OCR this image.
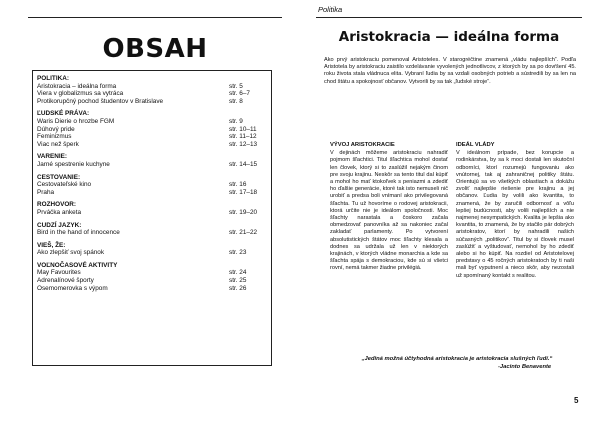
OBSAH
POLITIKA:
Aristokracia – ideálna forma	str. 5
Viera v globalizmus sa vytráca	str. 6–7
Protikorupčný pochod študentov v Bratislave	str. 8
ĽUDSKÉ PRÁVA:
Waris Dierie o hrozbe FGM	str. 9
Dúhový pride	str. 10–11
Feminizmus	str. 11–12
Viac než šperk	str. 12–13
VARENIE:
Jarné spestrenie kuchyne	str. 14–15
CESTOVANIE:
Cestovateľské kino	str. 16
Praha	str. 17–18
ROZHOVOR:
Prváčka anketa	str. 19–20
CUDZÍ JAZYK:
Bird in the hand of innocence	str. 21–22
VIEŠ, ŽE:
Ako zlepšiť svoj spánok	str. 23
VOĽNOČASOVÉ AKTIVITY
May Favourites	str. 24
Adrenalínové športy	str. 25
Osemomerovka s výpom	str. 26
Politika
Aristokracia — ideálna forma
Ako prvý aristokraciu pomenoval Aristoteles. V starogréčtine znamená „vládu najlepších“. Podľa Aristotela by aristokraciu zaistilo vzdelávanie vyvolených jednotlivcov, z ktorých by sa po dovŕšení 45. roku života stala vládnuca elita. Vybraní ľudia by sa vzdali osobných potrieb a sústredili by sa len na chod štátu a spokojnosť občanov. Vytvorili by sa tak „ľudské stroje“.
VÝVOJ ARISTOKRACIE

V dejinách môžeme aristokraciu nahradiť pojmom šľachtici. Titul šľachtica mohol dostať len človek, ktorý si to zaslúžil nejakým činom pre svoju krajinu. Neskôr sa tento titul dal kúpiť a mohol ho mať ktokoľvek s peniazmi a zdediť ho ďalšie generácie, ktoré tak isto nemuseli nič urobiť a predsa boli vnímaní ako privilegovaná šľachta. Tu už hovoríme o rodovej aristokracii, ktorá určite nie je ideálom spoločnosti. Moc šľachty narastala a čoskoro začala obmedzovať panovníka až sa nakoniec začal zakladať parlamenty. Po vytvorení absolutistických štátov moc šľachty klesala a dodnes sa udržala už len v niektorých krajinách, v ktorých vládne monarchia a kde sa šľachta spája s demokraciou, kde sú si všetci rovní, nemá takmer žiadne privilégiá.

IDEÁL VLÁDY

V ideálnom prípade, bez korupcie a rodinkárstva, by sa k moci dostali len skutoční odborníci, ktorí rozumejú fungovaniu ako vnútornej, tak aj zahraničnej politiky štátu. Orientujú sa vo všetkých oblastiach a dokážu zvoliť najlepšie riešenie pre krajinu a jej občanov. Ľudia by volili ako kvantita, to znamená, že by zaručili odbornosť a vôľu lepšej budúcnosti, aby volili najlepších a nie najmenej nesympatických. Kvalita je lepšia ako kvantita, to znamená, že by stačilo pár dobrých aristokratov, ktorí by nahradili našich súčasných „politikov“. Titul by si človek musel zaslúžiť a vyštudovať, nemohol by ho zdediť alebo si ho kúpiť. Na rozdiel od Aristotelovej predstavy o 45 ročných aristokratoch by ti naši mali byť vyputnení a nieco skôr, aby nezostali už spomínaný kontakt s realitou.

„Jediná možná účtyhodná aristokracia je aristokracia slušných ľudí.“
-Jacinto Benavente
5
